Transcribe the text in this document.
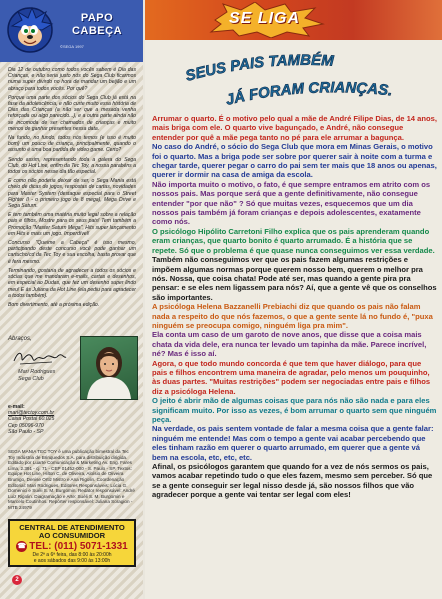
PAPO
CABEÇA
©SEGA 1997

Dia 12 de outubro como todos vocês sabem é Dia das Crianças, e não seria justo nós do Sega Club ficarmos numa super divirdo no hora de mandar um beijão e um abraço para todos vocês. Por quê?

Porque uma parte dos sócios do Sega Club já está na fase da adolescência, e não curte muito essa história de Dias das Crianças (a não ser que a mesada venha reforçada ou algo parecido...), e a outra parte ainda não se incomoda de ser chamados de crianças e muito menos de ganhar presentes nessa data.

Na fundo, no fundo, todos nós temos (e isso é muito bom) um pouco de criança, principalmente, quando o assunto é uma boa partida de video game. Certo?

Sendo assim, representando toda a galera do Sega Club, do Hot Line, enfim da Tec Toy, a nossa parabéns a todos os sócios nesse dia tão especial.

E como não poderia deixar de ser, o Sega Mania está cheio de dicas de jogos, respostas de cartas, novidades para Master System (destaque especial para o Street Fighter II - o primeiro jogo de 8 mega), Mega Drive e Sega Saturn.

E tem também uma matéria muito legal sobre a relação pais e filhos. Mostre para os seus pais! Tem também a Promoção "Master Saturn Mega", Hits super lançamento em Hits e mais um jogo. Imperdível!

Concurso "Queime a Cabeça" é isso mesmo, participando deste concurso você pode ganhar um cartucho/cd da Tec Toy e sua escolha, basta provar que é fera mesmo.

Terminando, gostaria de agradecer a todos os sócios e sócias que me mandaram e-mails, cartas e desenhos, em especial ao Dudas, que fez um desenho super lindo meu! E às Juliana da Hot Line (ela pediu para agradecer a todos também).

Bom divertimento, até a próxima edição.

Abraços,
Mari Rodrigues
Sega Club
e-mail:
mari@tectoy.com.br
Caixa Postal 60.025
Cep 05096-970
São Paulo - SP
SEGA MANIA TEC TOY é uma publicação bimestral da Tec Toy Indústria de Brinquedos S.A. para distribuição dirigida. Editado por Luarte Comunicação & Marketing Av. Eng. Fares Lima, 2.391 - cj. 71 - CEP 01452-000 - S. Paulo - SP. Textos: Equipe Hot Line, Hilton C. de Oliveira, Aloísio de Oliveira Brumgo, Denise Ortiz Mistro e Ana Rigolin. Coordenação Editorial: Mari Rodrigues. Editores Responsáveis: Lúcia G. Domenici e Suéli S. M. Burgomin. Redator responsável: André Luiz Rigolin. Diagramação e Arte: Suéli S. M. Burgomin e Marcelo Coutinhos. Repórter responsável: Juliana Soragion - MTB 24979
CENTRAL DE ATENDIMENTO
AO CONSUMIDOR
☎ TEL: (011) 5071-1331
De 2ª a 6ª feira, das 8:00 às 20:00h
e aos sábados das 9:00 às 13:00h
2
SE LIGA
SEUS PAIS TAMBÉM
JÁ FORAM CRIANÇAS.

Arrumar o quarto. É o motivo pelo qual a mãe de André Filipe Dias, de 14 anos, mais briga com ele. O quarto vive bagunçado, e André, não consegue entender por quê a mãe pega tanto no pé para ele arrumar a bagunça.

No caso do André, o sócio do Sega Club que mora em Minas Gerais, o motivo foi o quarto. Mas a briga pode ser sobre por querer sair à noite com a turma e chegar tarde, querer pegar o carro do pai sem ter mais que 18 anos ou apenas, querer ir dormir na casa de amiga da escola.

Não importa muito o motivo, o fato, é que sempre entramos em atrito com os nossos pais. Mas porque será que a gente definitivamente, não consegue entender "por que não" ? Só que muitas vezes, esquecemos que um dia nossos pais também já foram crianças e depois adolescentes, exatamente como nós.

O psicólogo Hipólito Carretoni Filho explica que os pais aprenderam quando eram crianças, que quarto bonito é quarto arrumado. É a história que se repete. Só que o problema é que quase nunca conseguimos ver essa verdade.

Também não conseguimos ver que os pais fazem algumas restrições e impõem algumas normas porque querem nosso bem, querem o melhor pra nós. Nossa, que coisa chata! Pode até ser, mas quando a gente pira pra pensar: e se eles nem ligassem para nós? Aí, que a gente vê que os conselhos são importantes.

A psicóloga Helena Bazzanelli Prebiachi diz que quando os pais não falam nada a respeito do que nós fazemos, o que a gente sente lá no fundo é, "puxa ninguém se preocupa comigo, ninguém liga pra mim".

Ela conta um caso de um garoto de nove anos, que disse que a coisa mais chata da vida dele, era nunca ter levado um tapinha da mãe. Parece incrível, né? Mas é isso aí.

Agora, o que todo mundo concorda é que tem que haver diálogo, para que pais e filhos encontrem uma maneira de agradar, pelo menos um pouquinho, às duas partes. "Muitas restrições" podem ser negociadas entre pais e filhos diz a psicóloga Helena.

O jeito é abrir mão de algumas coisas que para nós não são nada e para eles significam muito. Por isso as vezes, é bom arrumar o quarto sem que ninguém peça.

Na verdade, os pais sentem vontade de falar a mesma coisa que a gente falar: ninguém me entende! Mas com o tempo a gente vai acabar percebendo que eles tinham razão em querer o quarto arrumado, em querer que a gente vá bem na escola, etc, etc, etc.

Afinal, os psicólogos garantem que quando for a vez de nós sermos os pais, vamos acabar repetindo tudo o que eles fazem, mesmo sem perceber. Só que se a gente conseguir ser legal nisso desde já, são nossos filhos que vão agradecer porque a gente vai tentar ser legal com eles!
